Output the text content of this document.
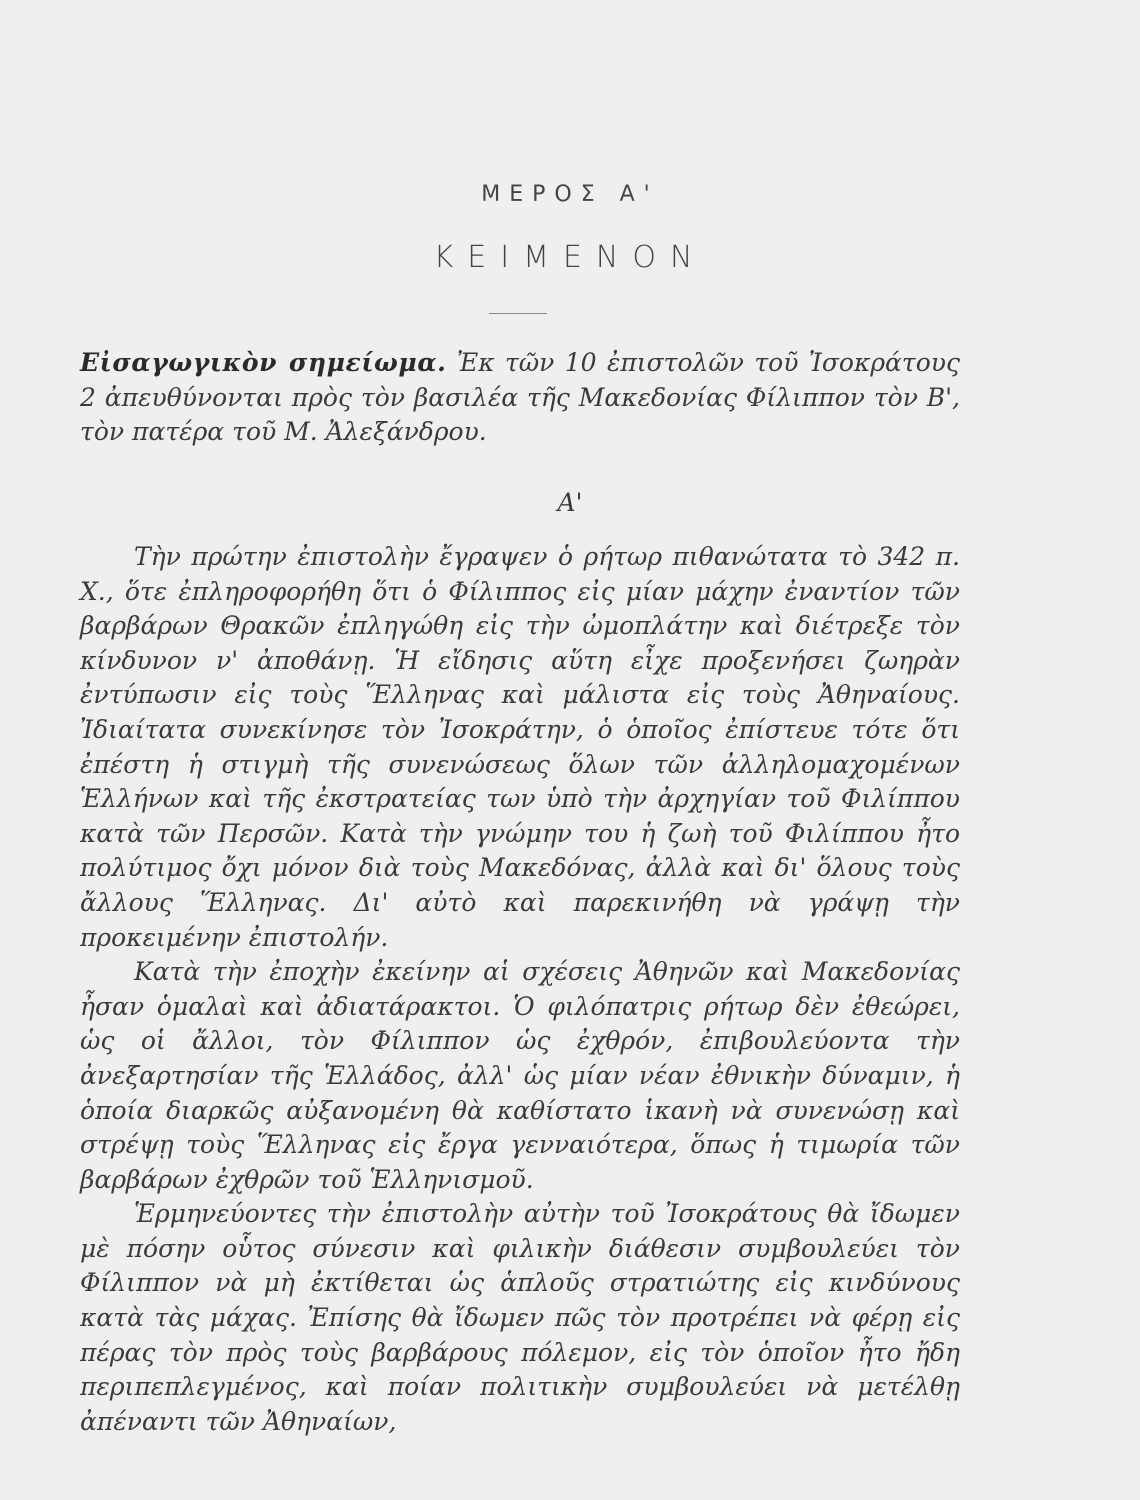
ΜΕΡΟΣ Α'
ΚΕΙΜΕΝΟΝ
Εἰσαγωγικὸν σημείωμα. Ἐκ τῶν 10 ἐπιστολῶν τοῦ Ἰσοκράτους 2 ἀπευθύνονται πρὸς τὸν βασιλέα τῆς Μακεδονίας Φίλιππον τὸν Β', τὸν πατέρα τοῦ Μ. Ἀλεξάνδρου.
Α'

Τὴν πρώτην ἐπιστολὴν ἔγραψεν ὁ ρήτωρ πιθανώτατα τὸ 342 π. Χ., ὅτε ἐπληροφορήθη ὅτι ὁ Φίλιππος εἰς μίαν μάχην ἐναντίον τῶν βαρβάρων Θρακῶν ἐπληγώθη εἰς τὴν ὠμοπλάτην καὶ διέτρεξε τὸν κίνδυνον ν' ἀποθάνῃ. Ἡ εἴδησις αὕτη εἶχε προξενήσει ζωηρὰν ἐντύπωσιν εἰς τοὺς Ἕλληνας καὶ μάλιστα εἰς τοὺς Ἀθηναίους. Ἰδιαίτατα συνεκίνησε τὸν Ἰσοκράτην, ὁ ὁποῖος ἐπίστευε τότε ὅτι ἐπέστη ἡ στιγμὴ τῆς συνενώσεως ὅλων τῶν ἀλληλομαχομένων Ἑλλήνων καὶ τῆς ἐκστρατείας των ὑπὸ τὴν ἀρχηγίαν τοῦ Φιλίππου κατὰ τῶν Περσῶν. Κατὰ τὴν γνώμην του ἡ ζωὴ τοῦ Φιλίππου ἦτο πολύτιμος ὄχι μόνον διὰ τοὺς Μακεδόνας, ἀλλὰ καὶ δι' ὅλους τοὺς ἄλλους Ἕλληνας. Δι' αὐτὸ καὶ παρεκινήθη νὰ γράψῃ τὴν προκειμένην ἐπιστολήν.

Κατὰ τὴν ἐποχὴν ἐκείνην αἱ σχέσεις Ἀθηνῶν καὶ Μακεδονίας ἦσαν ὁμαλαὶ καὶ ἀδιατάρακτοι. Ὁ φιλόπατρις ρήτωρ δὲν ἐθεώρει, ὡς οἱ ἄλλοι, τὸν Φίλιππον ὡς ἐχθρόν, ἐπιβουλεύοντα τὴν ἀνεξαρτησίαν τῆς Ἑλλάδος, ἀλλ' ὡς μίαν νέαν ἐθνικὴν δύναμιν, ἡ ὁποία διαρκῶς αὐξανομένη θὰ καθίστατο ἱκανὴ νὰ συνενώσῃ καὶ στρέψῃ τοὺς Ἕλληνας εἰς ἔργα γενναιότερα, ὅπως ἡ τιμωρία τῶν βαρβάρων ἐχθρῶν τοῦ Ἑλληνισμοῦ.

Ἑρμηνεύοντες τὴν ἐπιστολὴν αὐτὴν τοῦ Ἰσοκράτους θὰ ἴδωμεν μὲ πόσην οὗτος σύνεσιν καὶ φιλικὴν διάθεσιν συμβουλεύει τὸν Φίλιππον νὰ μὴ ἐκτίθεται ὡς ἁπλοῦς στρατιώτης εἰς κινδύνους κατὰ τὰς μάχας. Ἐπίσης θὰ ἴδωμεν πῶς τὸν προτρέπει νὰ φέρῃ εἰς πέρας τὸν πρὸς τοὺς βαρβάρους πόλεμον, εἰς τὸν ὁποῖον ἦτο ἤδη περιπεπλεγμένος, καὶ ποίαν πολιτικὴν συμβουλεύει νὰ μετέλθῃ ἀπέναντι τῶν Ἀθηναίων,
